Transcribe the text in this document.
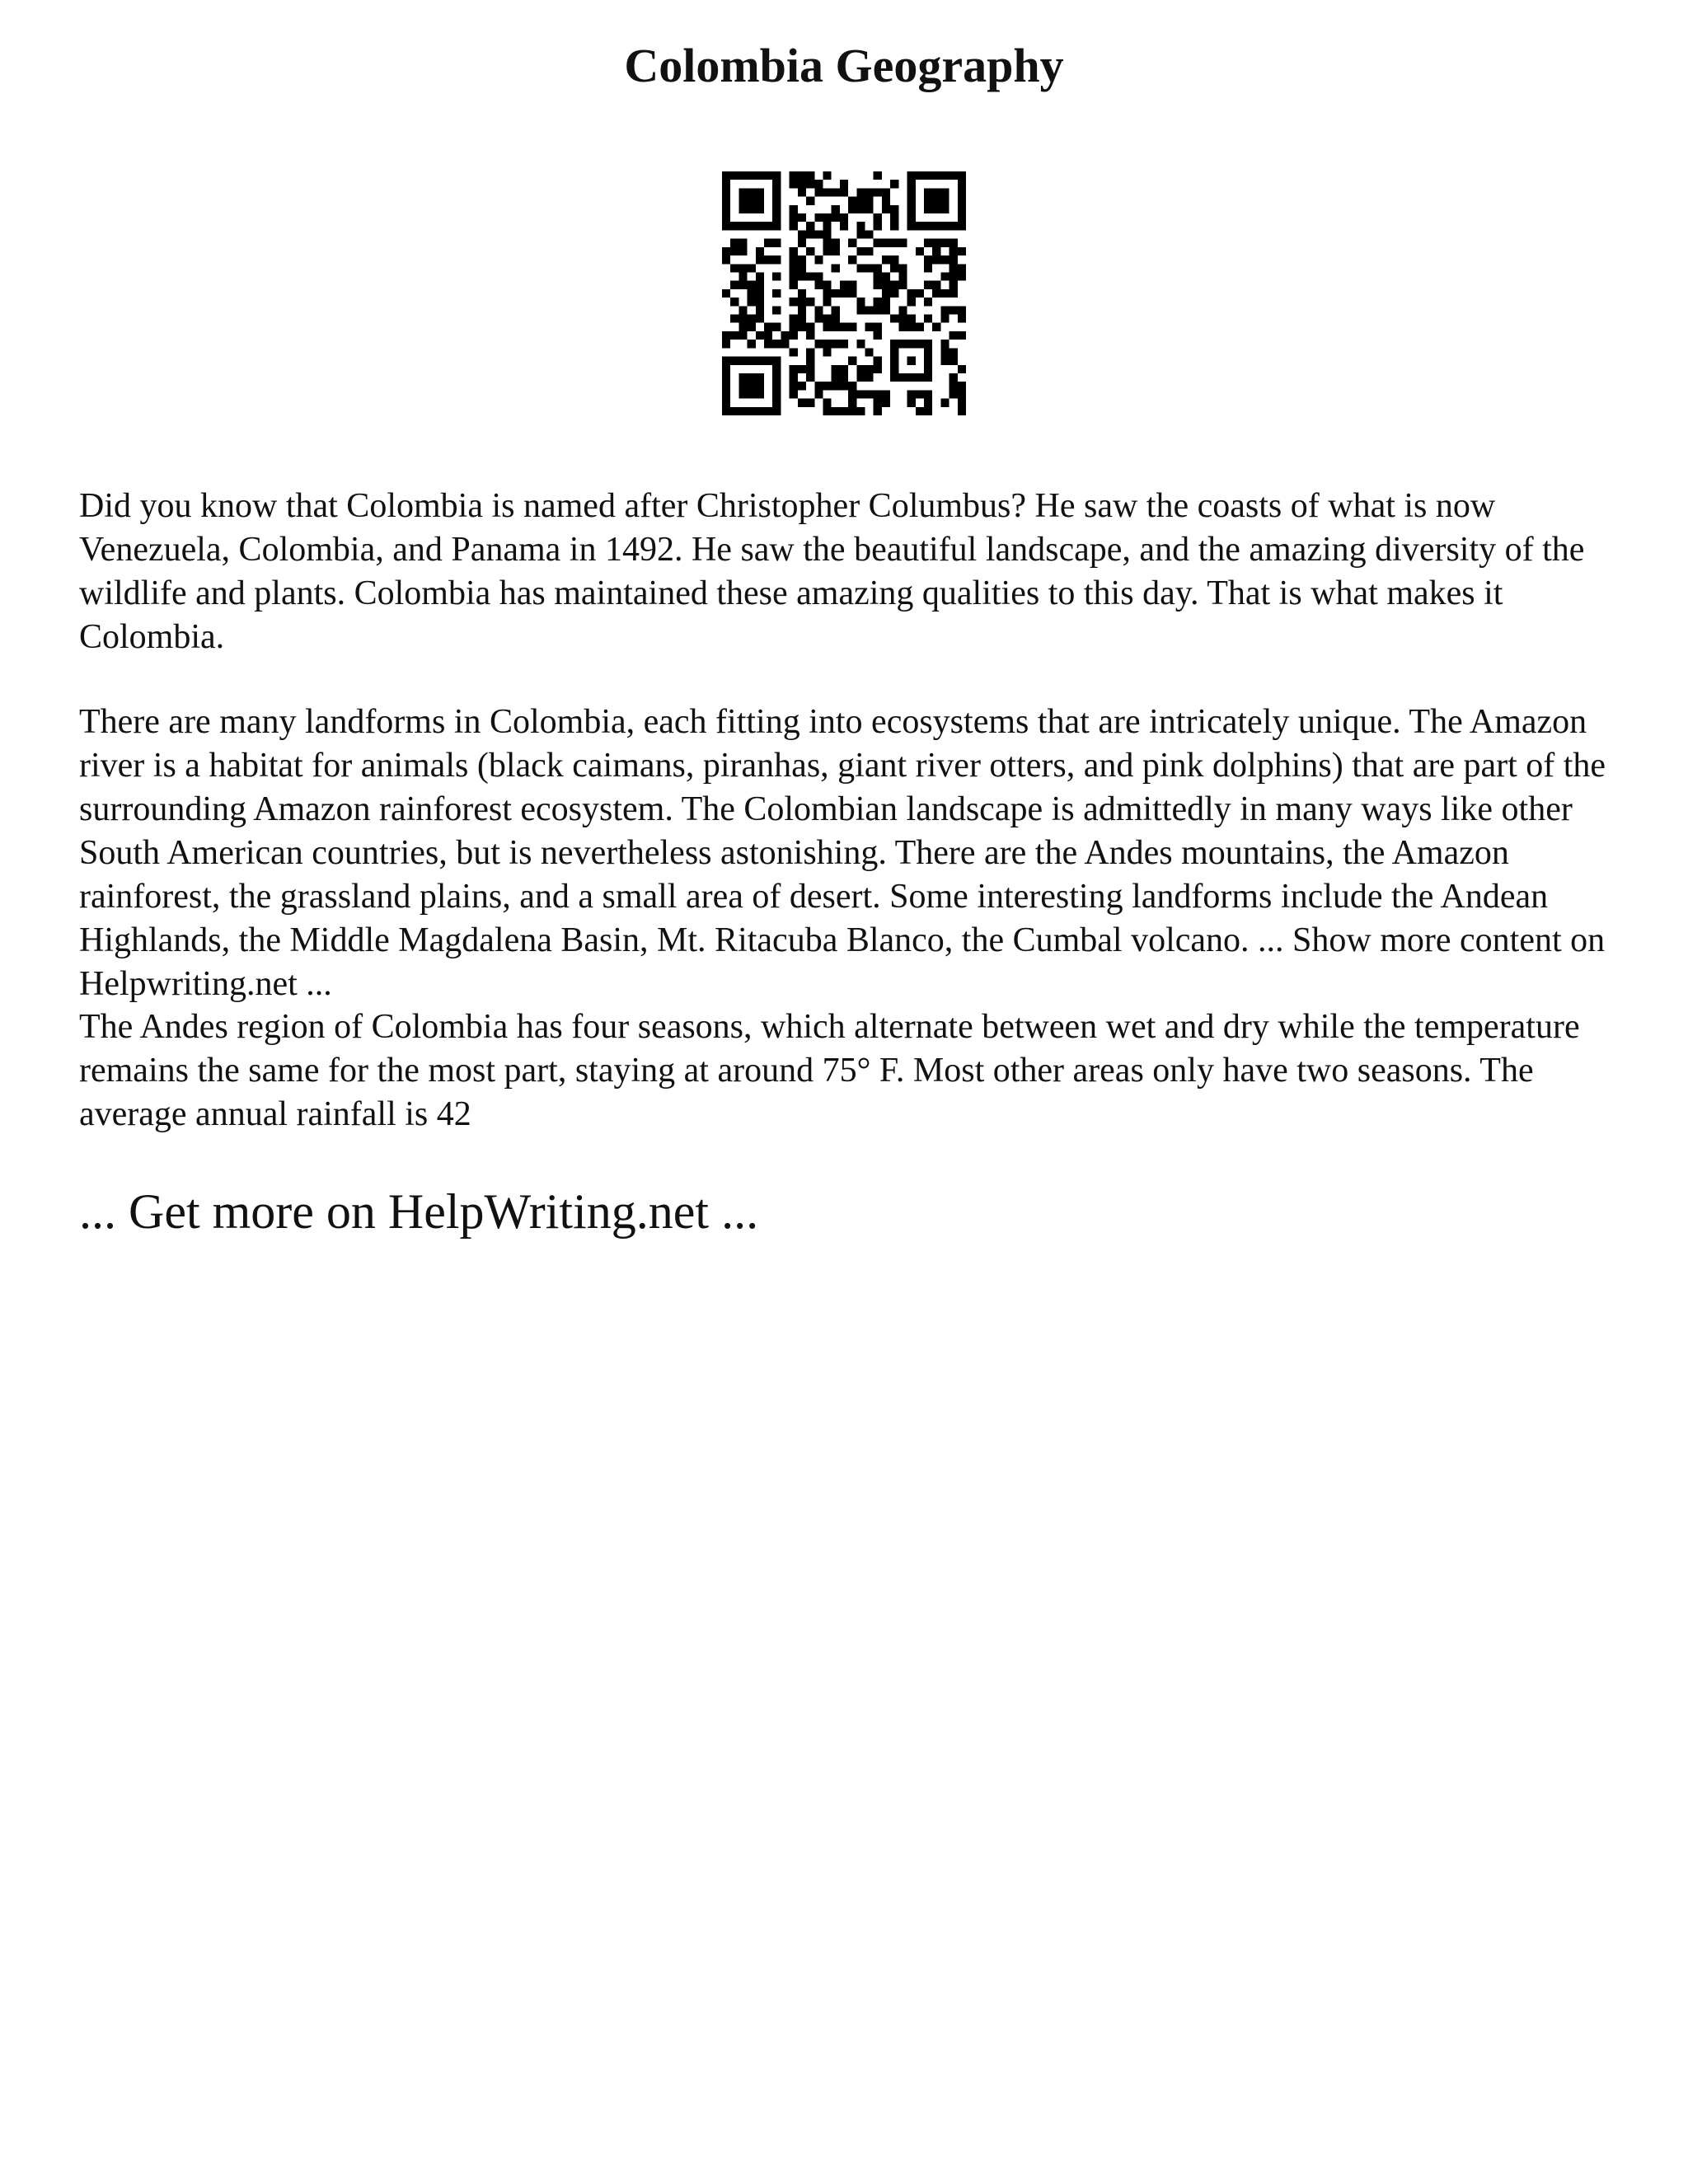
Colombia Geography

Did you know that Colombia is named after Christopher Columbus? He saw the coasts of what is now Venezuela, Colombia, and Panama in 1492. He saw the beautiful landscape, and the amazing diversity of the wildlife and plants. Colombia has maintained these amazing qualities to this day. That is what makes it Colombia.

There are many landforms in Colombia, each fitting into ecosystems that are intricately unique. The Amazon river is a habitat for animals (black caimans, piranhas, giant river otters, and pink dolphins) that are part of the surrounding Amazon rainforest ecosystem. The Colombian landscape is admittedly in many ways like other South American countries, but is nevertheless astonishing. There are the Andes mountains, the Amazon rainforest, the grassland plains, and a small area of desert. Some interesting landforms include the Andean Highlands, the Middle Magdalena Basin, Mt. Ritacuba Blanco, the Cumbal volcano. ... Show more content on Helpwriting.net ...

The Andes region of Colombia has four seasons, which alternate between wet and dry while the temperature remains the same for the most part, staying at around 75° F. Most other areas only have two seasons. The average annual rainfall is 42

... Get more on HelpWriting.net ...
